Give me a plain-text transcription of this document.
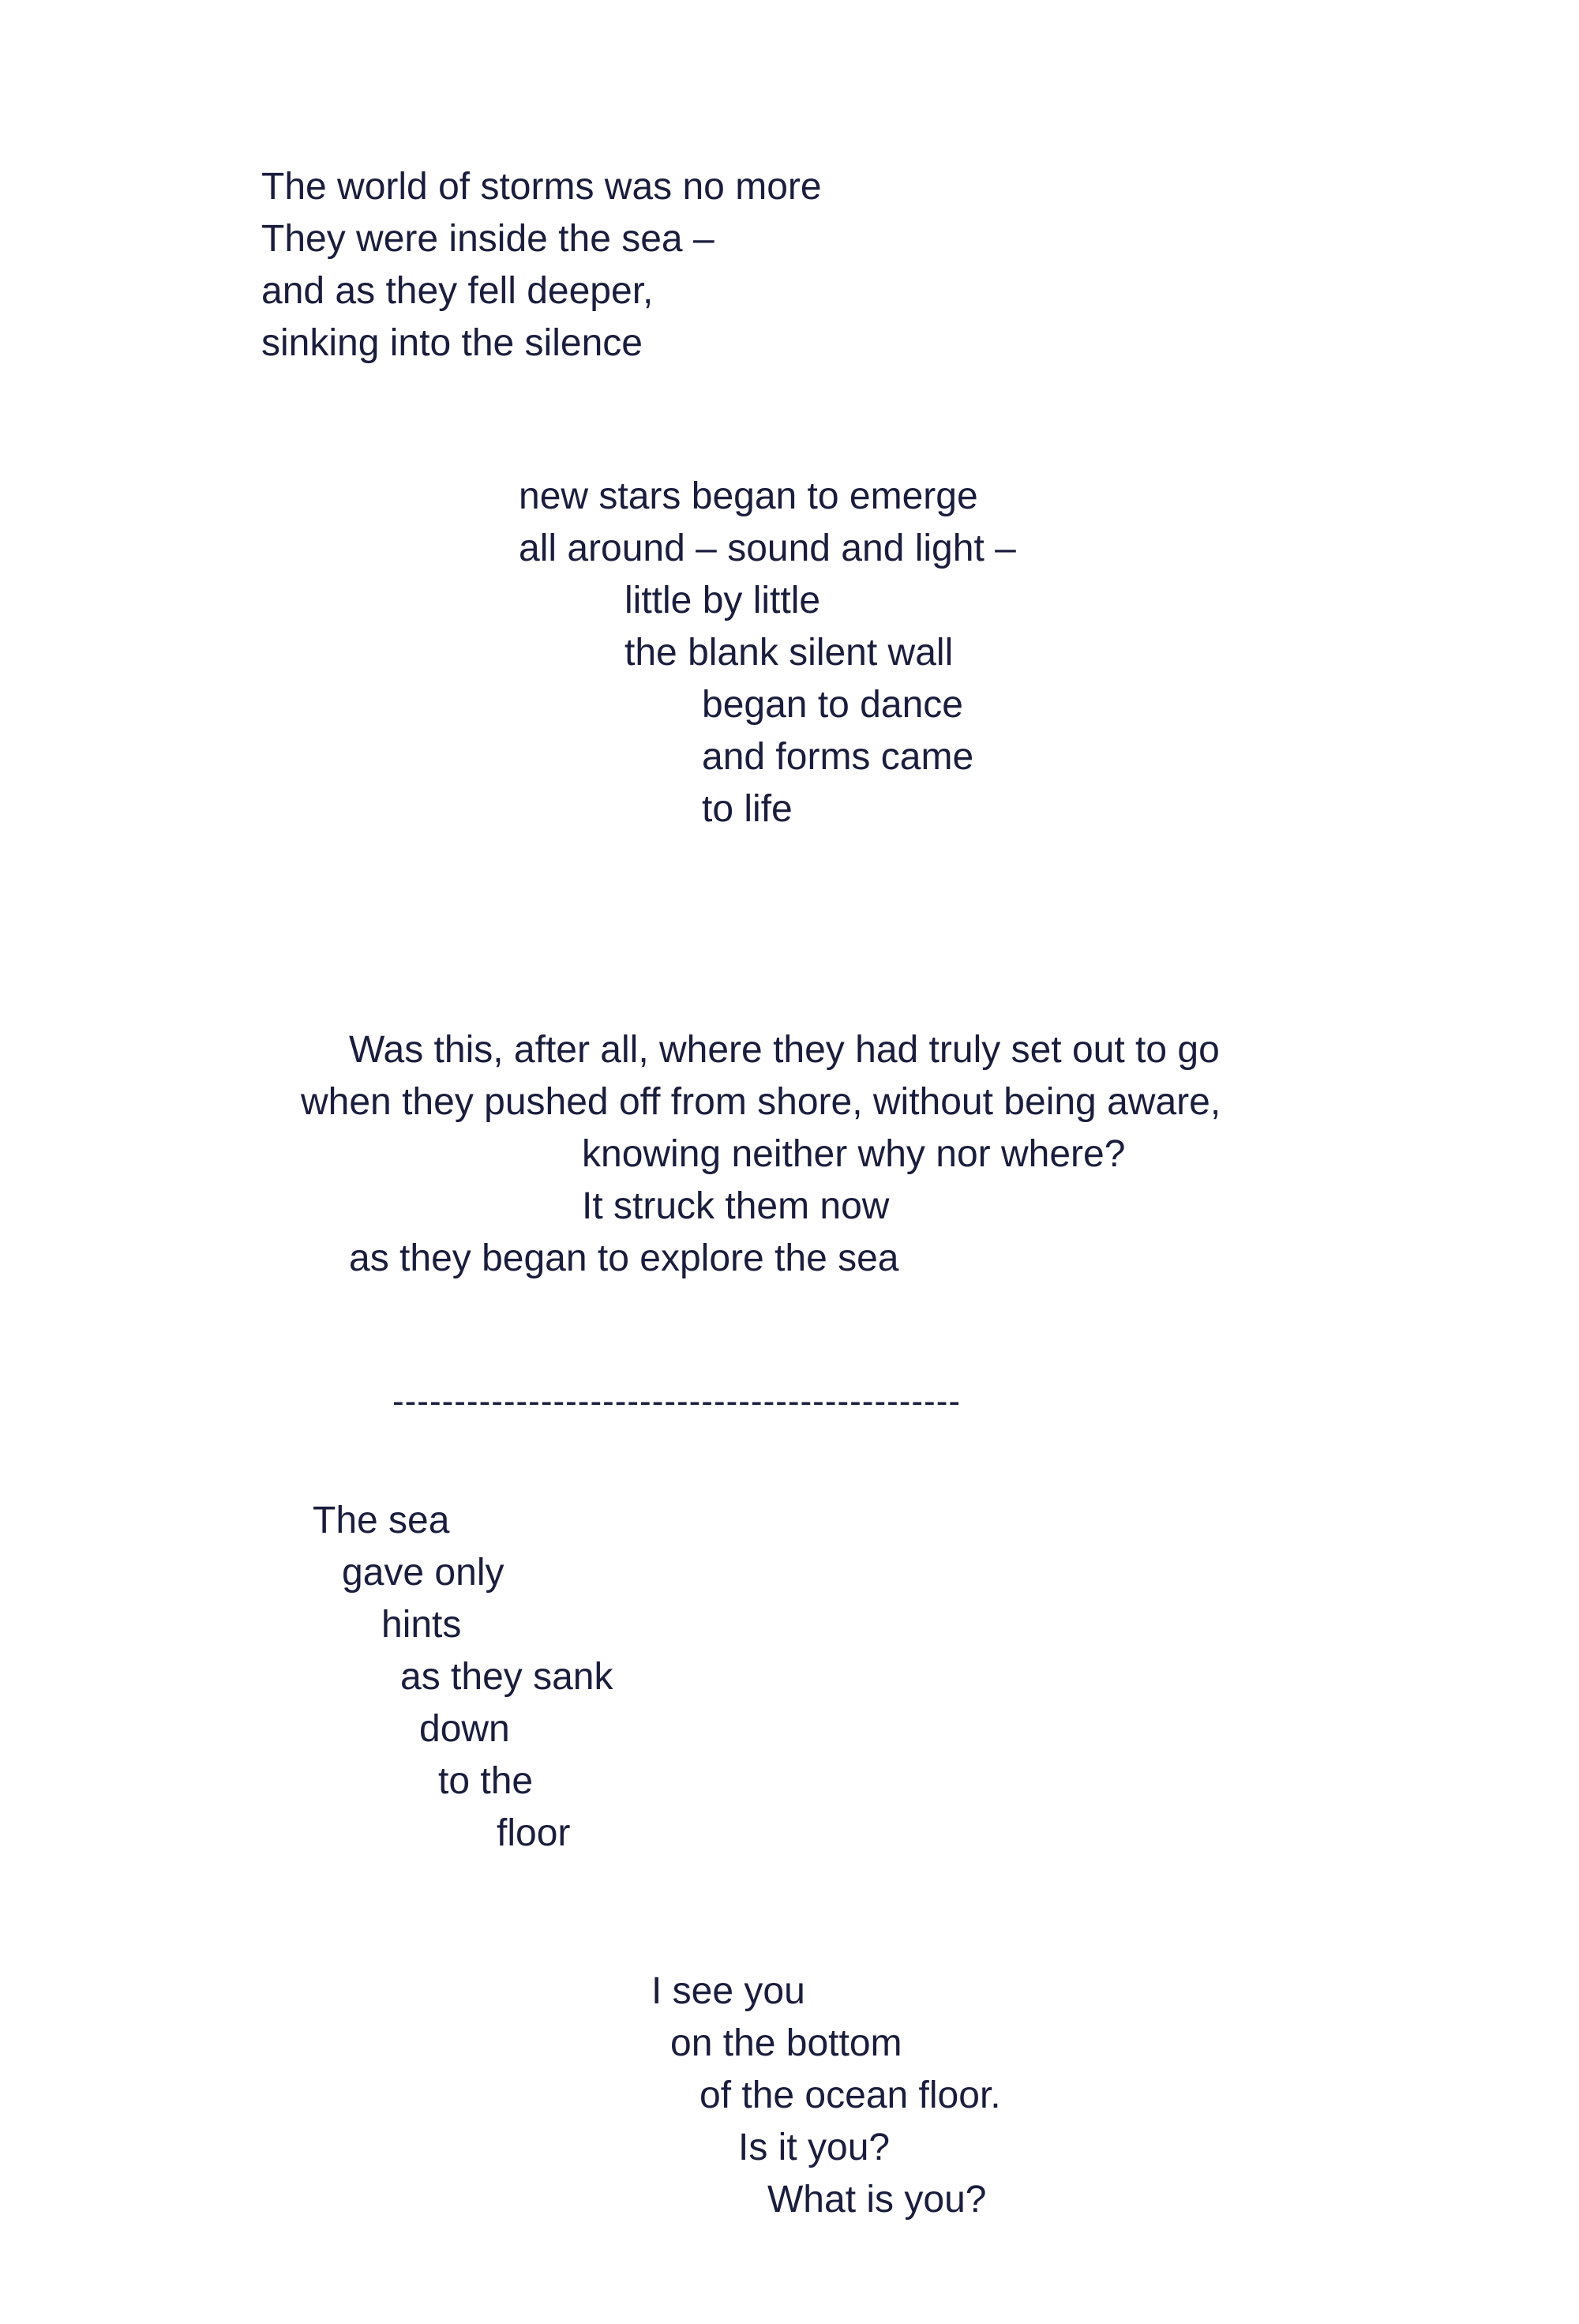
The world of storms was no more

They were inside the sea –

and as they fell deeper,

sinking into the silence

new stars began to emerge

all around – sound and light –

little by little

the blank silent wall

began to dance

and forms came

to life

Was this, after all, where they had truly set out to go

when they pushed off from shore, without being aware,

knowing neither why nor where?

It struck them now

as they began to explore the sea

----------------------------------------------

The sea

gave only

hints

as they sank

down

to the

floor

I see you

on the bottom

of the ocean floor.

Is it you?

What is you?
